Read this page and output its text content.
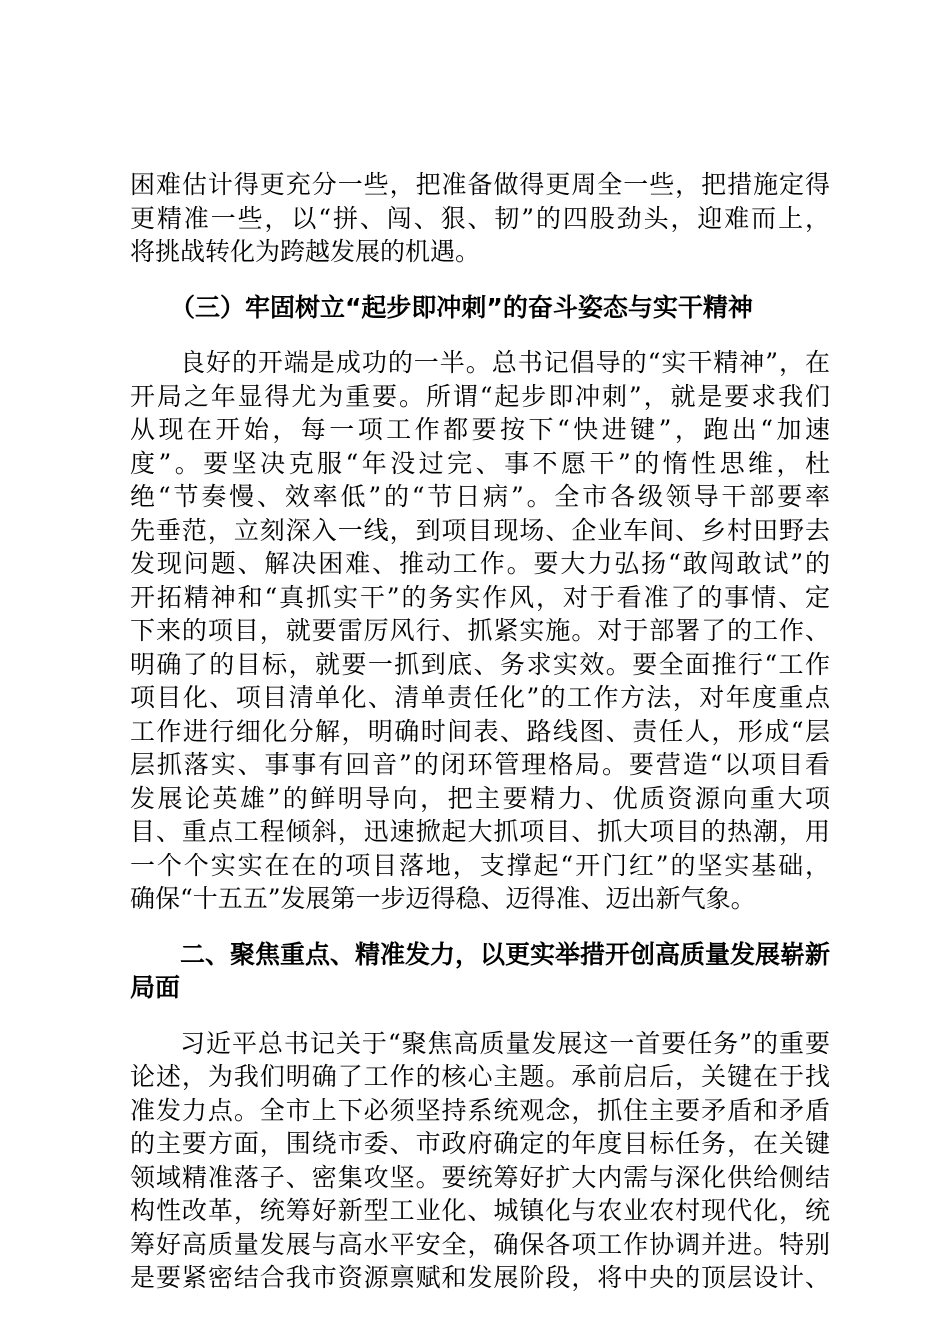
困难估计得更充分一些，把准备做得更周全一些，把措施定得
更精准一些，以“拼、闯、狠、韧”的四股劲头，迎难而上，
将挑战转化为跨越发展的机遇。
（三）牢固树立“起步即冲刺”的奋斗姿态与实干精神
良好的开端是成功的一半。总书记倡导的“实干精神”，在
开局之年显得尤为重要。所谓“起步即冲刺”，就是要求我们
从现在开始，每一项工作都要按下“快进键”，跑出“加速
度”。要坚决克服“年没过完、事不愿干”的惰性思维，杜
绝“节奏慢、效率低”的“节日病”。全市各级领导干部要率
先垂范，立刻深入一线，到项目现场、企业车间、乡村田野去
发现问题、解决困难、推动工作。要大力弘扬“敢闯敢试”的
开拓精神和“真抓实干”的务实作风，对于看准了的事情、定
下来的项目，就要雷厉风行、抓紧实施。对于部署了的工作、
明确了的目标，就要一抓到底、务求实效。要全面推行“工作
项目化、项目清单化、清单责任化”的工作方法，对年度重点
工作进行细化分解，明确时间表、路线图、责任人，形成“层
层抓落实、事事有回音”的闭环管理格局。要营造“以项目看
发展论英雄”的鲜明导向，把主要精力、优质资源向重大项
目、重点工程倾斜，迅速掀起大抓项目、抓大项目的热潮，用
一个个实实在在的项目落地，支撑起“开门红”的坚实基础，
确保“十五五”发展第一步迈得稳、迈得准、迈出新气象。
二、聚焦重点、精准发力，以更实举措开创高质量发展崭新
局面
习近平总书记关于“聚焦高质量发展这一首要任务”的重要
论述，为我们明确了工作的核心主题。承前启后，关键在于找
准发力点。全市上下必须坚持系统观念，抓住主要矛盾和矛盾
的主要方面，围绕市委、市政府确定的年度目标任务，在关键
领域精准落子、密集攻坚。要统筹好扩大内需与深化供给侧结
构性改革，统筹好新型工业化、城镇化与农业农村现代化，统
筹好高质量发展与高水平安全，确保各项工作协调并进。特别
是要紧密结合我市资源禀赋和发展阶段，将中央的顶层设计、
